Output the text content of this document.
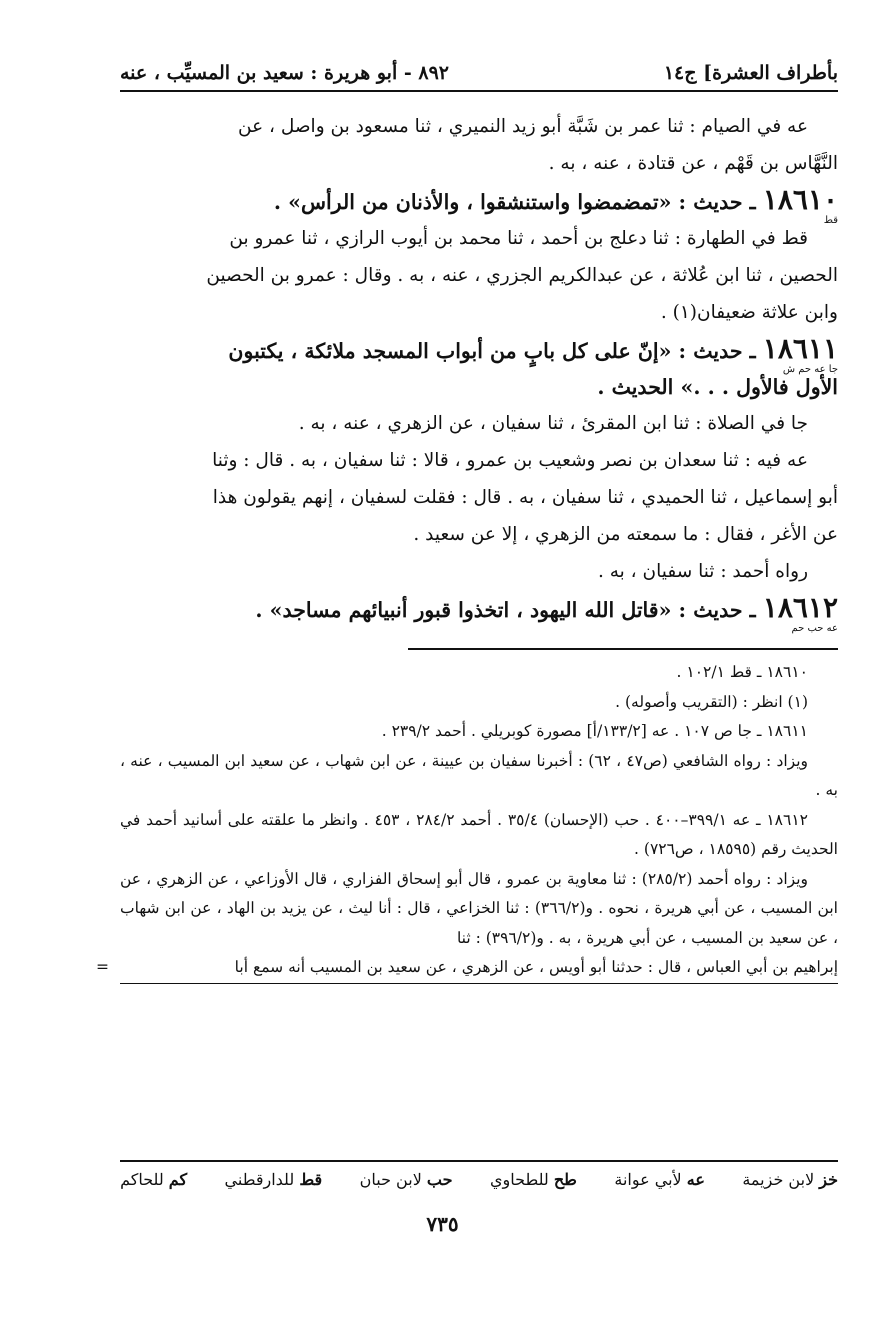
بأطراف العشرة] ج١٤
٨٩٢ - أبو هريرة : سعيد بن المسيِّب ، عنه

عه في الصيام : ثنا عمر بن شَبَّة أبو زيد النميري ، ثنا مسعود بن واصل ، عن

النَّهَّاس بن قَهْم ، عن قتادة ، عنه ، به .

١٨٦١٠
قط
ـ حديث : «تمضمضوا واستنشقوا ، والأذنان من الرأس» .

قط في الطهارة : ثنا دعلج بن أحمد ، ثنا محمد بن أيوب الرازي ، ثنا عمرو بن

الحصين ، ثنا ابن عُلاثة ، عن عبدالكريم الجزري ، عنه ، به . وقال : عمرو بن الحصين

وابن علاثة ضعيفان(١) .

١٨٦١١
جا عه حم ش
ـ حديث : «إنّ على كل بابٍ من أبواب المسجد ملائكة ، يكتبون

الأول فالأول . . .» الحديث .

جا في الصلاة : ثنا ابن المقرئ ، ثنا سفيان ، عن الزهري ، عنه ، به .

عه فيه : ثنا سعدان بن نصر وشعيب بن عمرو ، قالا : ثنا سفيان ، به . قال : وثنا

أبو إسماعيل ، ثنا الحميدي ، ثنا سفيان ، به . قال : فقلت لسفيان ، إنهم يقولون هذا

عن الأغر ، فقال : ما سمعته من الزهري ، إلا عن سعيد .

رواه أحمد : ثنا سفيان ، به .

١٨٦١٢
عه حب حم
ـ حديث : «قاتل الله اليهود ، اتخذوا قبور أنبيائهم مساجد» .

١٨٦١٠ ـ قط ١٠٢/١ .

(١) انظر : (التقريب وأصوله) .

١٨٦١١ ـ جا ص ١٠٧ . عه [١٣٣/٢/أ] مصورة كوبريلي . أحمد ٢٣٩/٢ .

ويزاد : رواه الشافعي (ص٤٧ ، ٦٢) : أخبرنا سفيان بن عيينة ، عن ابن شهاب ، عن سعيد ابن المسيب ، عنه ، به .

١٨٦١٢ ـ عه ٣٩٩/١–٤٠٠ . حب (الإحسان) ٣٥/٤ . أحمد ٢٨٤/٢ ، ٤٥٣ . وانظر ما علقته على أسانيد أحمد في الحديث رقم (١٨٥٩٥ ، ص٧٢٦) .

ويزاد : رواه أحمد (٢٨٥/٢) : ثنا معاوية بن عمرو ، قال أبو إسحاق الفزاري ، قال الأوزاعي ، عن الزهري ، عن ابن المسيب ، عن أبي هريرة ، نحوه . و(٣٦٦/٢) : ثنا الخزاعي ، قال : أنا ليث ، عن يزيد بن الهاد ، عن ابن شهاب ، عن سعيد بن المسيب ، عن أبي هريرة ، به . و(٣٩٦/٢) : ثنا

إبراهيم بن أبي العباس ، قال : حدثنا أبو أويس ، عن الزهري ، عن سعيد بن المسيب أنه سمع أبا
=

خز لابن خزيمة
عه لأبي عوانة
طح للطحاوي
حب لابن حبان
قط للدارقطني
كم للحاكم
٧٣٥
